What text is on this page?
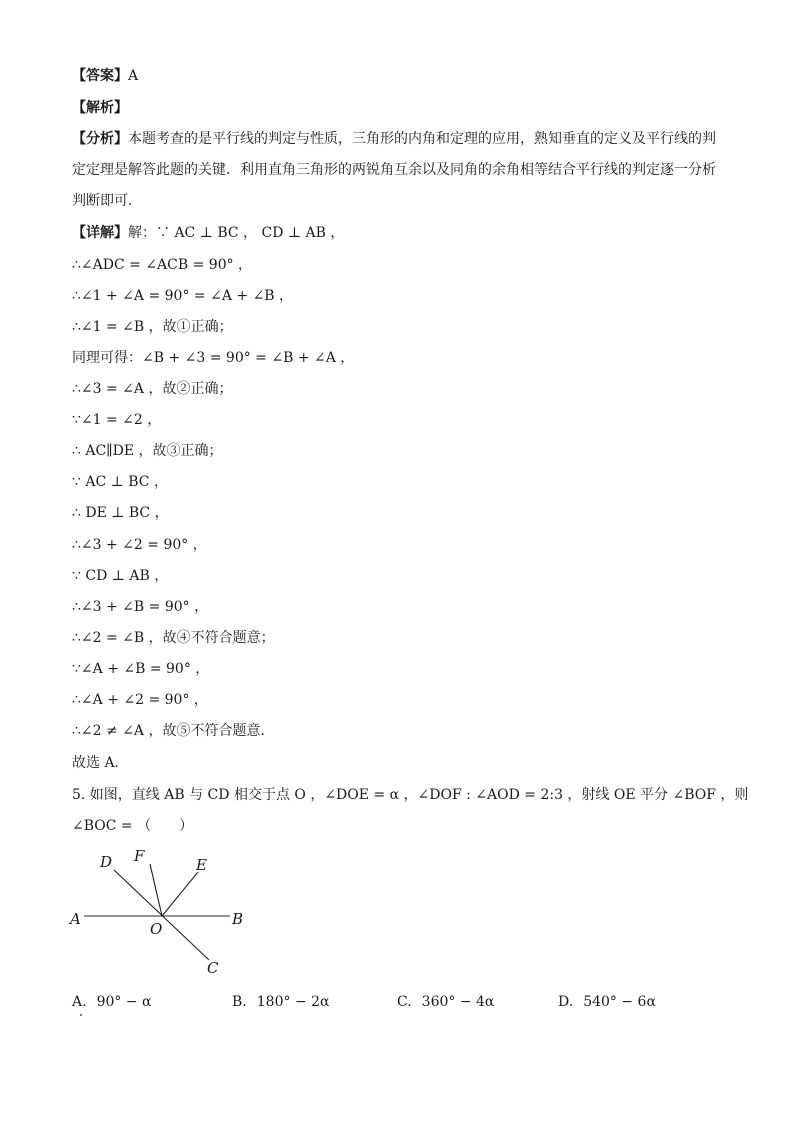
【答案】A
【解析】
【分析】本题考查的是平行线的判定与性质，三角形的内角和定理的应用，熟知垂直的定义及平行线的判定定理是解答此题的关键．利用直角三角形的两锐角互余以及同角的余角相等结合平行线的判定逐一分析判断即可．
【详解】解：∵ AC ⊥ BC ， CD ⊥ AB ，
∴∠ADC = ∠ACB = 90° ，
∴∠1 + ∠A = 90° = ∠A + ∠B ，
∴∠1 = ∠B ，故①正确；
同理可得：∠B + ∠3 = 90° = ∠B + ∠A ，
∴∠3 = ∠A ，故②正确；
∵∠1 = ∠2 ，
∴ AC∥DE ，故③正确；
∵ AC ⊥ BC ，
∴ DE ⊥ BC ，
∴∠3 + ∠2 = 90° ，
∵ CD ⊥ AB ，
∴∠3 + ∠B = 90° ，
∴∠2 = ∠B ，故④不符合题意；
∵∠A + ∠B = 90° ，
∴∠A + ∠2 = 90° ，
∴∠2 ≠ ∠A ，故⑤不符合题意．
故选 A．
5. 如图，直线 AB 与 CD 相交于点 O ，∠DOE = α ，∠DOF : ∠AOD = 2:3 ，射线 OE 平分 ∠BOF ，则
∠BOC = （　　）
A	B
C
D	E
F
O
A. 90° − α	B. 180° − 2α	C. 360° − 4α	D. 540° − 6α
